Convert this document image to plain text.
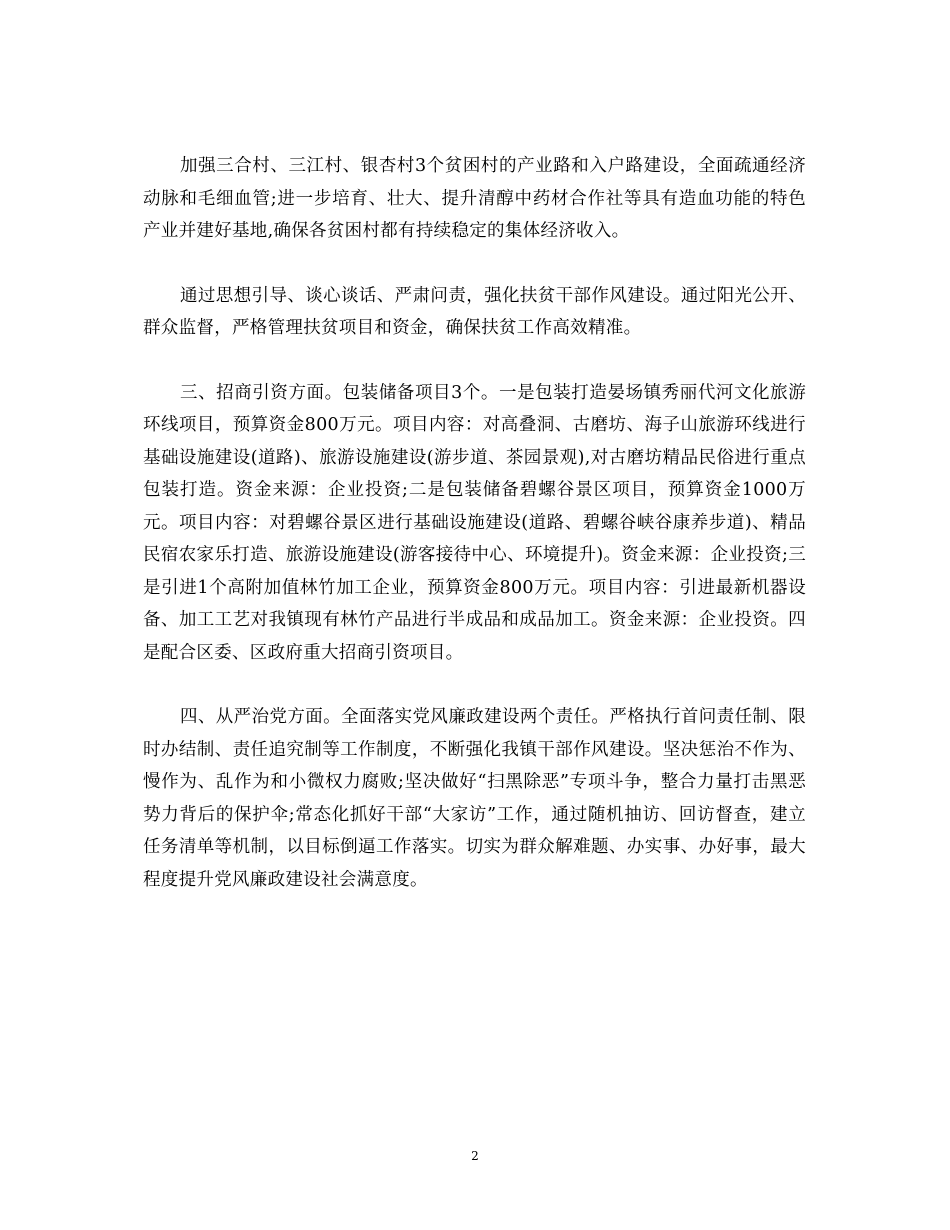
加强三合村、三江村、银杏村3个贫困村的产业路和入户路建设，全面疏通经济动脉和毛细血管;进一步培育、壮大、提升清醇中药材合作社等具有造血功能的特色产业并建好基地,确保各贫困村都有持续稳定的集体经济收入。

通过思想引导、谈心谈话、严肃问责，强化扶贫干部作风建设。通过阳光公开、群众监督，严格管理扶贫项目和资金，确保扶贫工作高效精准。

三、招商引资方面。包装储备项目3个。一是包装打造晏场镇秀丽代河文化旅游环线项目，预算资金800万元。项目内容：对高叠洞、古磨坊、海子山旅游环线进行基础设施建设(道路)、旅游设施建设(游步道、茶园景观),对古磨坊精品民俗进行重点包装打造。资金来源：企业投资;二是包装储备碧螺谷景区项目，预算资金1000万元。项目内容：对碧螺谷景区进行基础设施建设(道路、碧螺谷峡谷康养步道)、精品民宿农家乐打造、旅游设施建设(游客接待中心、环境提升)。资金来源：企业投资;三是引进1个高附加值林竹加工企业，预算资金800万元。项目内容：引进最新机器设备、加工工艺对我镇现有林竹产品进行半成品和成品加工。资金来源：企业投资。四是配合区委、区政府重大招商引资项目。

四、从严治党方面。全面落实党风廉政建设两个责任。严格执行首问责任制、限时办结制、责任追究制等工作制度，不断强化我镇干部作风建设。坚决惩治不作为、慢作为、乱作为和小微权力腐败;坚决做好“扫黑除恶”专项斗争，整合力量打击黑恶势力背后的保护伞;常态化抓好干部“大家访”工作，通过随机抽访、回访督查，建立任务清单等机制，以目标倒逼工作落实。切实为群众解难题、办实事、办好事，最大程度提升党风廉政建设社会满意度。

2
